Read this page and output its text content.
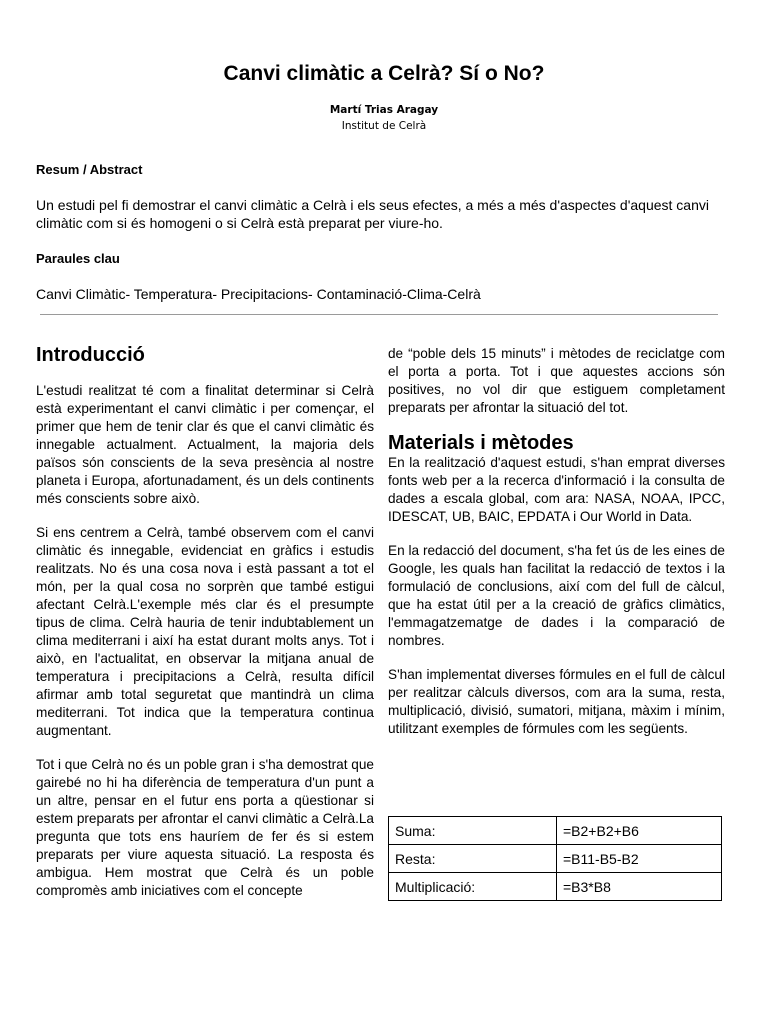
Canvi climàtic a Celrà? Sí o No?
Martí Trias Aragay
Institut de Celrà
Resum / Abstract
Un estudi pel fi demostrar el canvi climàtic a Celrà i els seus efectes, a més a més d'aspectes d'aquest canvi climàtic com si és homogeni o si Celrà està preparat per viure-ho.
Paraules clau
Canvi Climàtic- Temperatura- Precipitacions- Contaminació-Clima-Celrà
Introducció

L'estudi realitzat té com a finalitat determinar si Celrà està experimentant el canvi climàtic i per començar, el primer que hem de tenir clar és que el canvi climàtic és innegable actualment. Actualment, la majoria dels països són conscients de la seva presència al nostre planeta i Europa, afortunadament, és un dels continents més conscients sobre això.

Si ens centrem a Celrà, també observem com el canvi climàtic és innegable, evidenciat en gràfics i estudis realitzats. No és una cosa nova i està passant a tot el món, per la qual cosa no sorprèn que també estigui afectant Celrà.L'exemple més clar és el presumpte tipus de clima. Celrà hauria de tenir indubtablement un clima mediterrani i així ha estat durant molts anys. Tot i això, en l'actualitat, en observar la mitjana anual de temperatura i precipitacions a Celrà, resulta difícil afirmar amb total seguretat que mantindrà un clima mediterrani. Tot indica que la temperatura continua augmentant.

Tot i que Celrà no és un poble gran i s'ha demostrat que gairebé no hi ha diferència de temperatura d'un punt a un altre, pensar en el futur ens porta a qüestionar si estem preparats per afrontar el canvi climàtic a Celrà.La pregunta que tots ens hauríem de fer és si estem preparats per viure aquesta situació. La resposta és ambigua. Hem mostrat que Celrà és un poble compromès amb iniciatives com el concepte

de “poble dels 15 minuts” i mètodes de reciclatge com el porta a porta. Tot i que aquestes accions són positives, no vol dir que estiguem completament preparats per afrontar la situació del tot.

Materials i mètodes

En la realització d'aquest estudi, s'han emprat diverses fonts web per a la recerca d'informació i la consulta de dades a escala global, com ara: NASA, NOAA, IPCC, IDESCAT, UB, BAIC, EPDATA i Our World in Data.

En la redacció del document, s'ha fet ús de les eines de Google, les quals han facilitat la redacció de textos i la formulació de conclusions, així com del full de càlcul, que ha estat útil per a la creació de gràfics climàtics, l'emmagatzematge de dades i la comparació de nombres.

S'han implementat diverses fórmules en el full de càlcul per realitzar càlculs diversos, com ara la suma, resta, multiplicació, divisió, sumatori, mitjana, màxim i mínim, utilitzant exemples de fórmules com les següents.

Suma:	=B2+B2+B6
Resta:	=B11-B5-B2
Multiplicació:	=B3*B8
